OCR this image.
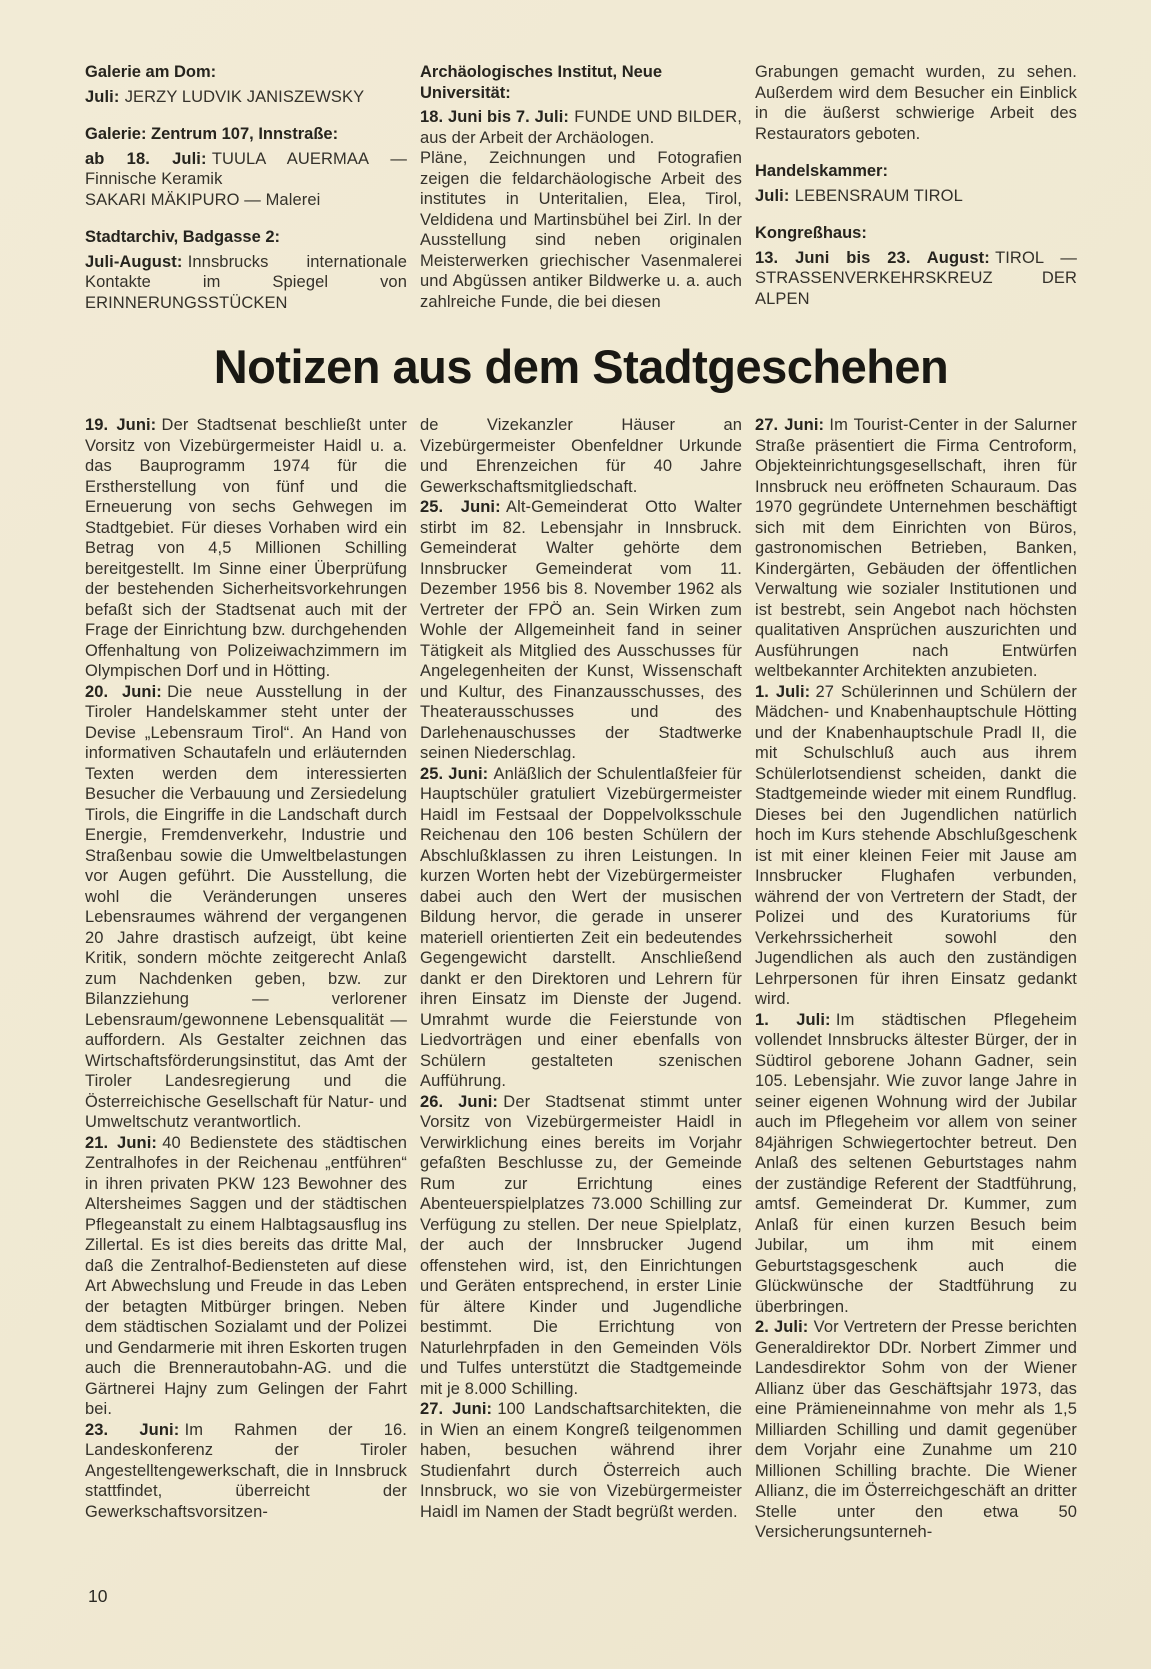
Galerie am Dom:

Juli: JERZY LUDVIK JANISZEWSKY

Galerie: Zentrum 107, Innstraße:

ab 18. Juli: TUULA AUERMAA — Finnische Keramik

SAKARI MÄKIPURO — Malerei

Stadtarchiv, Badgasse 2:

Juli-August: Innsbrucks internationale Kontakte im Spiegel von ERINNERUNGSSTÜCKEN

Archäologisches Institut, Neue Universität:

18. Juni bis 7. Juli: FUNDE UND BILDER, aus der Arbeit der Archäologen.

Pläne, Zeichnungen und Fotografien zeigen die feldarchäologische Arbeit des institutes in Unteritalien, Elea, Tirol, Veldidena und Martinsbühel bei Zirl. In der Ausstellung sind neben originalen Meisterwerken griechischer Vasenmalerei und Abgüssen antiker Bildwerke u. a. auch zahlreiche Funde, die bei diesen

Grabungen gemacht wurden, zu sehen. Außerdem wird dem Besucher ein Einblick in die äußerst schwierige Arbeit des Restaurators geboten.

Handelskammer:

Juli: LEBENSRAUM TIROL

Kongreßhaus:

13. Juni bis 23. August: TIROL — STRASSENVERKEHRSKREUZ DER ALPEN

Notizen aus dem Stadtgeschehen

19. Juni: Der Stadtsenat beschließt unter Vorsitz von Vizebürgermeister Haidl u. a. das Bauprogramm 1974 für die Erstherstellung von fünf und die Erneuerung von sechs Gehwegen im Stadtgebiet. Für dieses Vorhaben wird ein Betrag von 4,5 Millionen Schilling bereitgestellt. Im Sinne einer Überprüfung der bestehenden Sicherheitsvorkehrungen befaßt sich der Stadtsenat auch mit der Frage der Einrichtung bzw. durchgehenden Offenhaltung von Polizeiwachzimmern im Olympischen Dorf und in Hötting.

20. Juni: Die neue Ausstellung in der Tiroler Handelskammer steht unter der Devise „Lebensraum Tirol“. An Hand von informativen Schautafeln und erläuternden Texten werden dem interessierten Besucher die Verbauung und Zersiedelung Tirols, die Eingriffe in die Landschaft durch Energie, Fremdenverkehr, Industrie und Straßenbau sowie die Umweltbelastungen vor Augen geführt. Die Ausstellung, die wohl die Veränderungen unseres Lebensraumes während der vergangenen 20 Jahre drastisch aufzeigt, übt keine Kritik, sondern möchte zeitgerecht Anlaß zum Nachdenken geben, bzw. zur Bilanzziehung — verlorener Lebensraum/gewonnene Lebensqualität — auffordern. Als Gestalter zeichnen das Wirtschaftsförderungsinstitut, das Amt der Tiroler Landesregierung und die Österreichische Gesellschaft für Natur- und Umweltschutz verantwortlich.

21. Juni: 40 Bedienstete des städtischen Zentralhofes in der Reichenau „entführen“ in ihren privaten PKW 123 Bewohner des Altersheimes Saggen und der städtischen Pflegeanstalt zu einem Halbtagsausflug ins Zillertal. Es ist dies bereits das dritte Mal, daß die Zentralhof-Bediensteten auf diese Art Abwechslung und Freude in das Leben der betagten Mitbürger bringen. Neben dem städtischen Sozialamt und der Polizei und Gendarmerie mit ihren Eskorten trugen auch die Brennerautobahn-AG. und die Gärtnerei Hajny zum Gelingen der Fahrt bei.

23. Juni: Im Rahmen der 16. Landeskonferenz der Tiroler Angestelltengewerkschaft, die in Innsbruck stattfindet, überreicht der Gewerkschaftsvorsitzen-

de Vizekanzler Häuser an Vizebürgermeister Obenfeldner Urkunde und Ehrenzeichen für 40 Jahre Gewerkschaftsmitgliedschaft.

25. Juni: Alt-Gemeinderat Otto Walter stirbt im 82. Lebensjahr in Innsbruck. Gemeinderat Walter gehörte dem Innsbrucker Gemeinderat vom 11. Dezember 1956 bis 8. November 1962 als Vertreter der FPÖ an. Sein Wirken zum Wohle der Allgemeinheit fand in seiner Tätigkeit als Mitglied des Ausschusses für Angelegenheiten der Kunst, Wissenschaft und Kultur, des Finanzausschusses, des Theaterausschusses und des Darlehenauschusses der Stadtwerke seinen Niederschlag.

25. Juni: Anläßlich der Schulentlaßfeier für Hauptschüler gratuliert Vizebürgermeister Haidl im Festsaal der Doppelvolksschule Reichenau den 106 besten Schülern der Abschlußklassen zu ihren Leistungen. In kurzen Worten hebt der Vizebürgermeister dabei auch den Wert der musischen Bildung hervor, die gerade in unserer materiell orientierten Zeit ein bedeutendes Gegengewicht darstellt. Anschließend dankt er den Direktoren und Lehrern für ihren Einsatz im Dienste der Jugend. Umrahmt wurde die Feierstunde von Liedvorträgen und einer ebenfalls von Schülern gestalteten szenischen Aufführung.

26. Juni: Der Stadtsenat stimmt unter Vorsitz von Vizebürgermeister Haidl in Verwirklichung eines bereits im Vorjahr gefaßten Beschlusse zu, der Gemeinde Rum zur Errichtung eines Abenteuerspielplatzes 73.000 Schilling zur Verfügung zu stellen. Der neue Spielplatz, der auch der Innsbrucker Jugend offenstehen wird, ist, den Einrichtungen und Geräten entsprechend, in erster Linie für ältere Kinder und Jugendliche bestimmt. Die Errichtung von Naturlehrpfaden in den Gemeinden Völs und Tulfes unterstützt die Stadtgemeinde mit je 8.000 Schilling.

27. Juni: 100 Landschaftsarchitekten, die in Wien an einem Kongreß teilgenommen haben, besuchen während ihrer Studienfahrt durch Österreich auch Innsbruck, wo sie von Vizebürgermeister Haidl im Namen der Stadt begrüßt werden.

27. Juni: Im Tourist-Center in der Salurner Straße präsentiert die Firma Centroform, Objekteinrichtungsgesellschaft, ihren für Innsbruck neu eröffneten Schauraum. Das 1970 gegründete Unternehmen beschäftigt sich mit dem Einrichten von Büros, gastronomischen Betrieben, Banken, Kindergärten, Gebäuden der öffentlichen Verwaltung wie sozialer Institutionen und ist bestrebt, sein Angebot nach höchsten qualitativen Ansprüchen auszurichten und Ausführungen nach Entwürfen weltbekannter Architekten anzubieten.

1. Juli: 27 Schülerinnen und Schülern der Mädchen- und Knabenhauptschule Hötting und der Knabenhauptschule Pradl II, die mit Schulschluß auch aus ihrem Schülerlotsendienst scheiden, dankt die Stadtgemeinde wieder mit einem Rundflug. Dieses bei den Jugendlichen natürlich hoch im Kurs stehende Abschlußgeschenk ist mit einer kleinen Feier mit Jause am Innsbrucker Flughafen verbunden, während der von Vertretern der Stadt, der Polizei und des Kuratoriums für Verkehrssicherheit sowohl den Jugendlichen als auch den zuständigen Lehrpersonen für ihren Einsatz gedankt wird.

1. Juli: Im städtischen Pflegeheim vollendet Innsbrucks ältester Bürger, der in Südtirol geborene Johann Gadner, sein 105. Lebensjahr. Wie zuvor lange Jahre in seiner eigenen Wohnung wird der Jubilar auch im Pflegeheim vor allem von seiner 84jährigen Schwiegertochter betreut. Den Anlaß des seltenen Geburtstages nahm der zuständige Referent der Stadtführung, amtsf. Gemeinderat Dr. Kummer, zum Anlaß für einen kurzen Besuch beim Jubilar, um ihm mit einem Geburtstagsgeschenk auch die Glückwünsche der Stadtführung zu überbringen.

2. Juli: Vor Vertretern der Presse berichten Generaldirektor DDr. Norbert Zimmer und Landesdirektor Sohm von der Wiener Allianz über das Geschäftsjahr 1973, das eine Prämieneinnahme von mehr als 1,5 Milliarden Schilling und damit gegenüber dem Vorjahr eine Zunahme um 210 Millionen Schilling brachte. Die Wiener Allianz, die im Österreichgeschäft an dritter Stelle unter den etwa 50 Versicherungsunterneh-

10
